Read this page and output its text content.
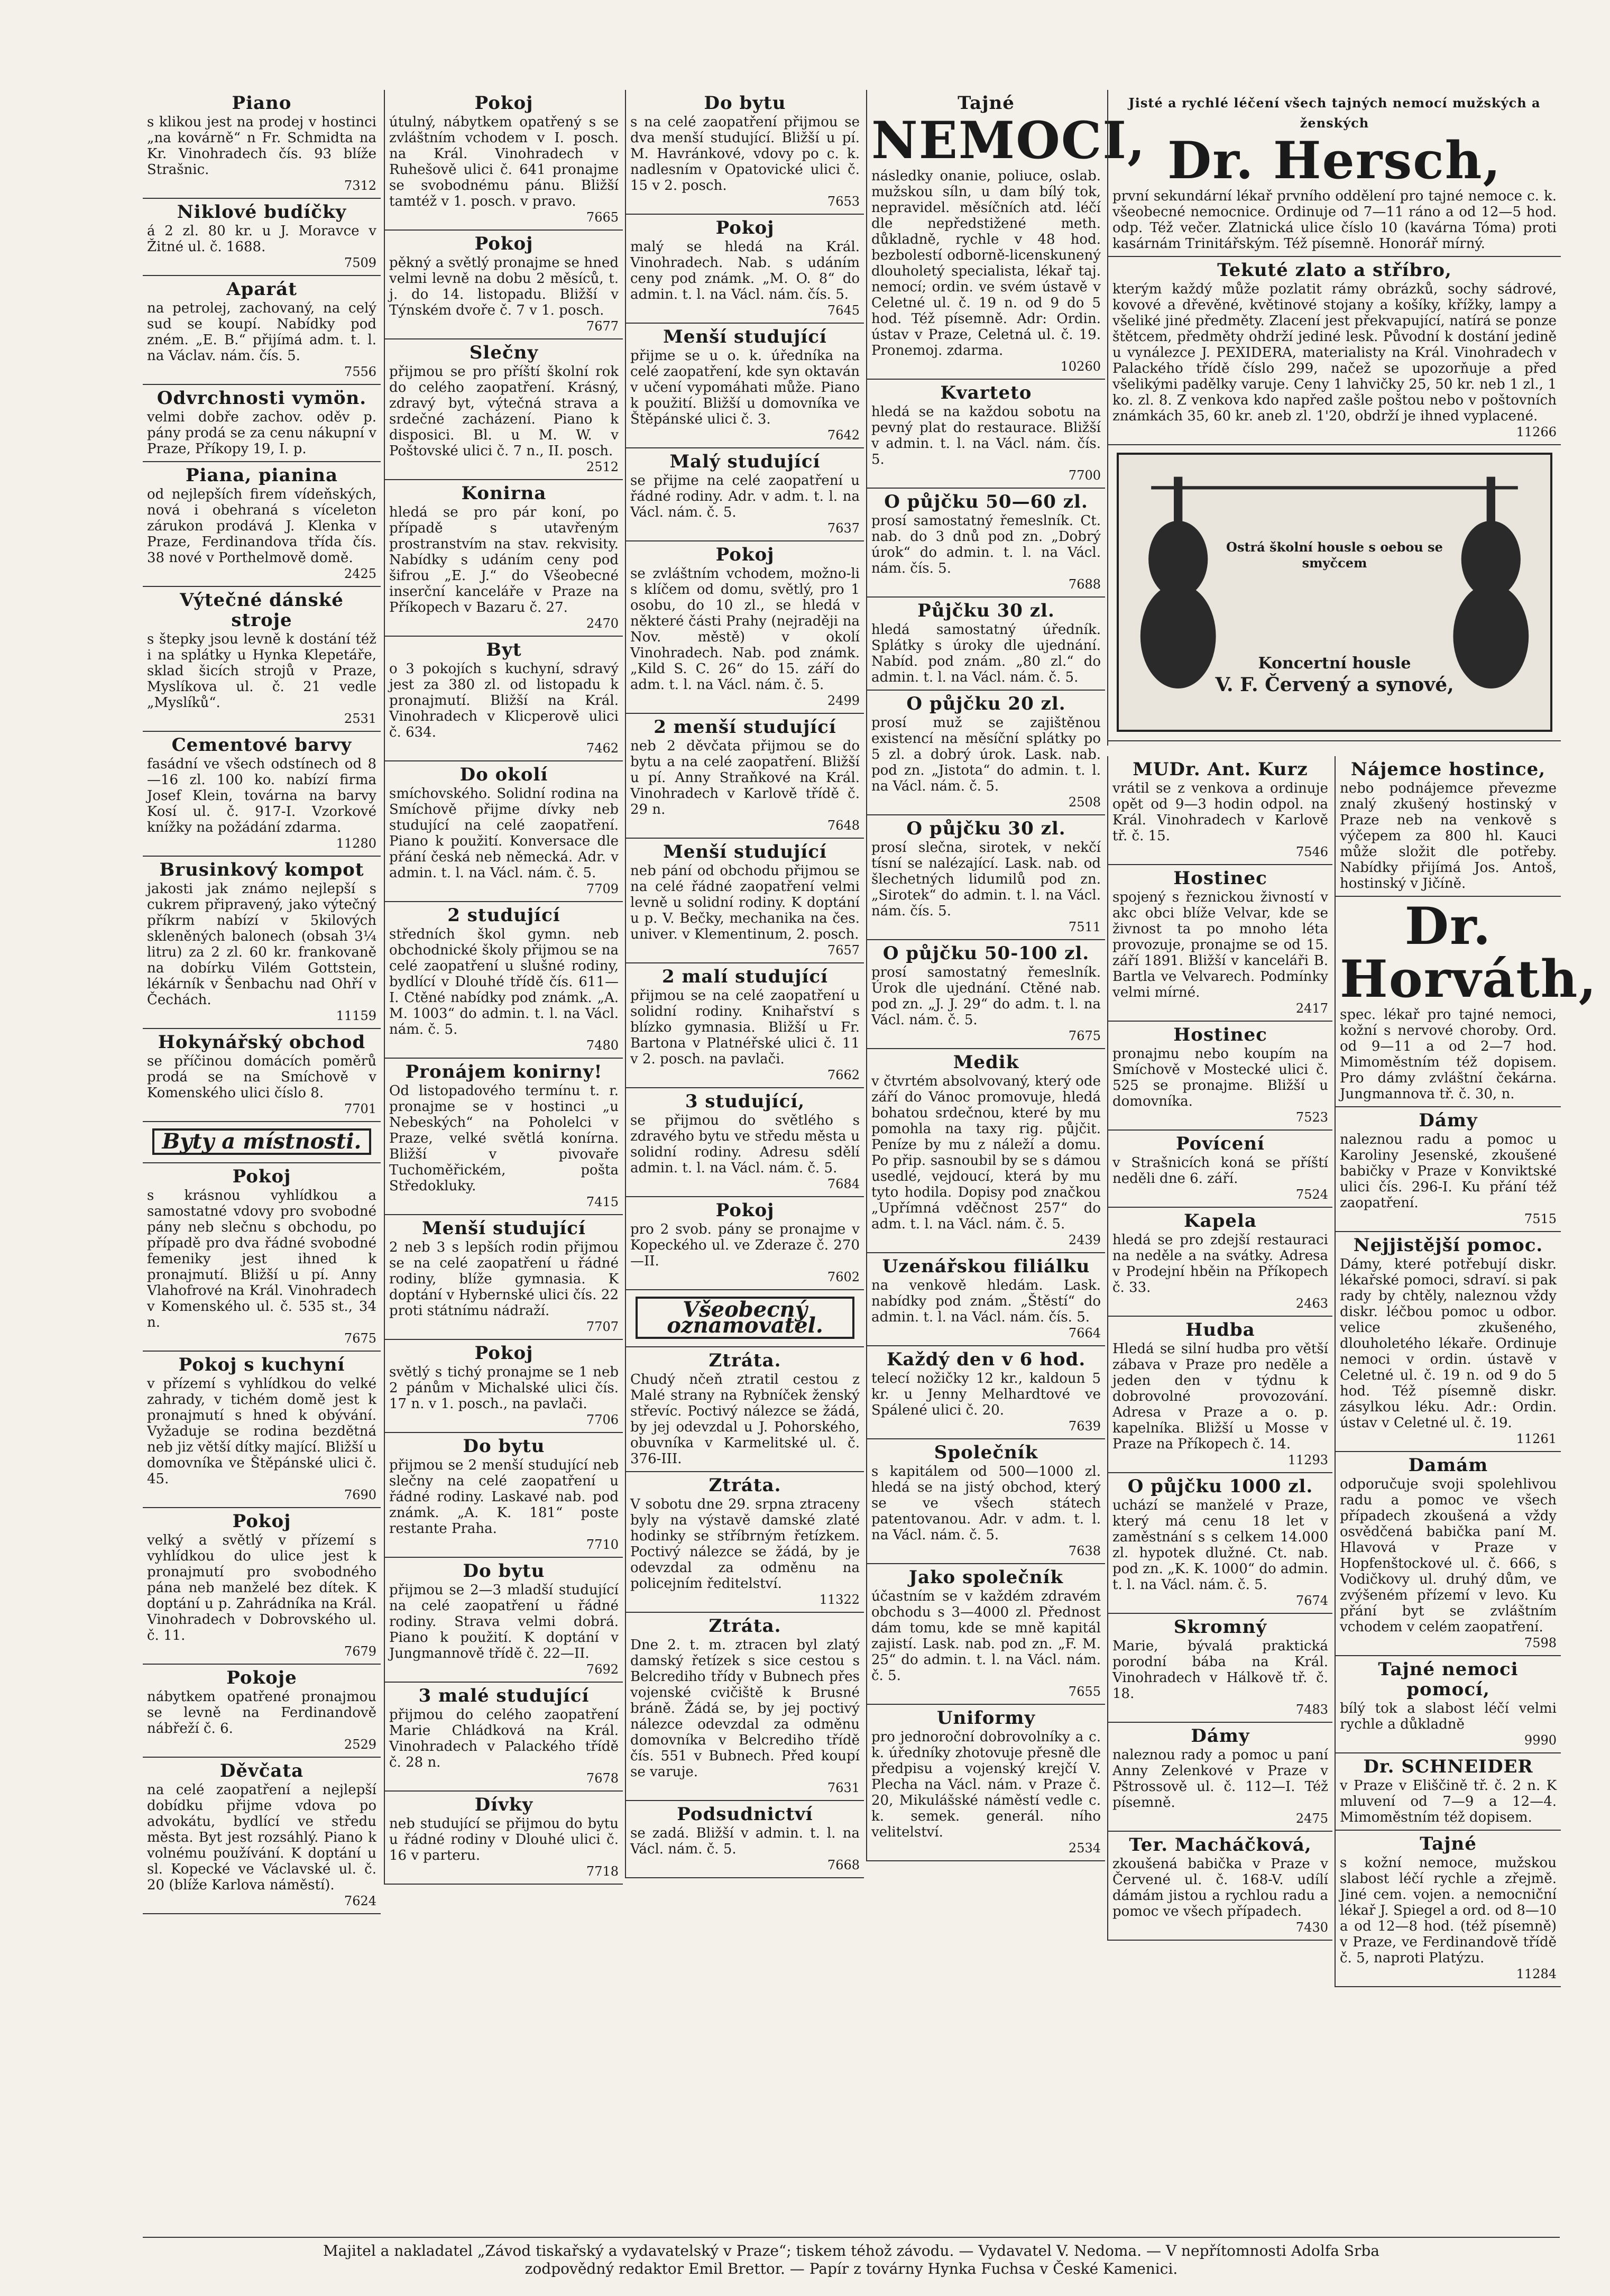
Piano
s klikou jest na prodej v hostinci „na kovárně“ n Fr. Schmidta na Kr. Vinohradech čís. 93 blíže Strašnic.
7312
Niklové budíčky
á 2 zl. 80 kr. u J. Moravce v Žitné ul. č. 1688.
7509
Aparát
na petrolej, zachovaný, na celý sud se koupí. Nabídky pod zném. „E. B.“ přijímá adm. t. l. na Václav. nám. čís. 5.
7556
Odvrchnosti vymön.
velmi dobře zachov. oděv p. pány prodá se za cenu nákupní v Praze, Příkopy 19, I. p.
Piana, pianina
od nejlepších firem vídeňských, nová i obehraná s víceleton zárukon prodává J. Klenka v Praze, Ferdinandova třída čís. 38 nové v Porthelmově domě.
2425
Výtečné dánské stroje
s štepky jsou levně k dostání též i na splátky u Hynka Klepetáře, sklad šicích strojů v Praze, Myslíkova ul. č. 21 vedle „Myslíků“.
2531
Cementové barvy
fasádní ve všech odstínech od 8—16 zl. 100 ko. nabízí firma Josef Klein, továrna na barvy Kosí ul. č. 917-I. Vzorkové knížky na požádání zdarma.
11280
Brusinkový kompot
jakosti jak známo nejlepší s cukrem připravený, jako výtečný příkrm nabízí v 5kilových skleněných balonech (obsah 3¼ litru) za 2 zl. 60 kr. frankovaně na dobírku Vilém Gottstein, lékárník v Šenbachu nad Ohří v Čechách.
11159
Hokynářský obchod
se příčinou domácích poměrů prodá se na Smíchově v Komenského ulici číslo 8.
7701
Byty a místnosti.
Pokoj
s krásnou vyhlídkou a samostatné vdovy pro svobodné pány neb slečnu s obchodu, po případě pro dva řádné svobodné femeniky jest ihned k pronajmutí. Bližší u pí. Anny Vlahofrové na Král. Vinohradech v Komenského ul. č. 535 st., 34 n.
7675
Pokoj s kuchyní
v přízemí s vyhlídkou do velké zahrady, v tichém domě jest k pronajmutí s hned k obývání. Vyžaduje se rodina bezdětná neb jiz větší dítky mající. Bližší u domovníka ve Štěpánské ulici č. 45.
7690
Pokoj
velký a světlý v přízemí s vyhlídkou do ulice jest k pronajmutí pro svobodného pána neb manželé bez dítek. K doptání u p. Zahrádníka na Král. Vinohradech v Dobrovského ul. č. 11.
7679
Pokoje
nábytkem opatřené pronajmou se levně na Ferdinandově nábřeží č. 6.
2529
Děvčata
na celé zaopatření a nejlepší dobídku přijme vdova po advokátu, bydlící ve středu města. Byt jest rozsáhlý. Piano k volnému používání. K doptání u sl. Kopecké ve Václavské ul. č. 20 (blíže Karlova náměstí).
7624
Pokoj
útulný, nábytkem opatřený s se zvláštním vchodem v I. posch. na Král. Vinohradech v Ruhešově ulici č. 641 pronajme se svobodnému pánu. Bližší tamtéž v 1. posch. v pravo.
7665
Pokoj
pěkný a světlý pronajme se hned velmi levně na dobu 2 měsíců, t. j. do 14. listopadu. Bližší v Týnském dvoře č. 7 v 1. posch.
7677
Slečny
přijmou se pro příští školní rok do celého zaopatření. Krásný, zdravý byt, výtečná strava a srdečné zacházení. Piano k disposici. Bl. u M. W. v Poštovské ulici č. 7 n., II. posch.
2512
Konirna
hledá se pro pár koní, po případě s utavřeným prostranstvím na stav. rekvisity. Nabídky s udáním ceny pod šifrou „E. J.“ do Všeobecné inserční kanceláře v Praze na Příkopech v Bazaru č. 27.
2470
Byt
o 3 pokojích s kuchyní, sdravý jest za 380 zl. od listopadu k pronajmutí. Bližší na Král. Vinohradech v Klicperově ulici č. 634.
7462
Do okolí
smíchovského. Solidní rodina na Smíchově přijme dívky neb studující na celé zaopatření. Piano k použití. Konversace dle přání česká neb německá. Adr. v admin. t. l. na Václ. nám. č. 5.
7709
2 studující
středních škol gymn. neb obchodnické školy přijmou se na celé zaopatření u slušné rodiny, bydlící v Dlouhé třídě čís. 611—I. Ctěné nabídky pod známk. „A. M. 1003“ do admin. t. l. na Václ. nám. č. 5.
7480
Pronájem konirny!
Od listopadového termínu t. r. pronajme se v hostinci „u Nebeských“ na Poholelci v Praze, velké světlá konírna. Bližší v pivovaře Tuchoměřickém, pošta Středokluky.
7415
Menší studující
2 neb 3 s lepších rodin přijmou se na celé zaopatření u řádné rodiny, blíže gymnasia. K doptání v Hybernské ulici čís. 22 proti státnímu nádraží.
7707
Pokoj
světlý s tichý pronajme se 1 neb 2 pánům v Michalské ulici čís. 17 n. v 1. posch., na pavlači.
7706
Do bytu
přijmou se 2 menší studující neb slečny na celé zaopatření u řádné rodiny. Laskavé nab. pod známk. „A. K. 181“ poste restante Praha.
7710
Do bytu
přijmou se 2—3 mladší studující na celé zaopatření u řádné rodiny. Strava velmi dobrá. Piano k použití. K doptání v Jungmannově třídě č. 22—II.
7692
3 malé studující
přijmou do celého zaopatření Marie Chládková na Král. Vinohradech v Palackého třídě č. 28 n.
7678
Dívky
neb studující se přijmou do bytu u řádné rodiny v Dlouhé ulici č. 16 v parteru.
7718
Do bytu
s na celé zaopatření přijmou se dva menší studující. Bližší u pí. M. Havránkové, vdovy po c. k. nadlesním v Opatovické ulici č. 15 v 2. posch.
7653
Pokoj
malý se hledá na Král. Vinohradech. Nab. s udáním ceny pod známk. „M. O. 8“ do admin. t. l. na Václ. nám. čís. 5.
7645
Menší studující
přijme se u o. k. úředníka na celé zaopatření, kde syn oktaván v učení vypomáhati může. Piano k použití. Bližší u domovníka ve Štěpánské ulici č. 3.
7642
Malý studující
se přijme na celé zaopatření u řádné rodiny. Adr. v adm. t. l. na Václ. nám. č. 5.
7637
Pokoj
se zvláštním vchodem, možno-li s klíčem od domu, světlý, pro 1 osobu, do 10 zl., se hledá v některé části Prahy (nejraději na Nov. městě) v okolí Vinohradech. Nab. pod známk. „Kild S. C. 26“ do 15. září do adm. t. l. na Václ. nám. č. 5.
2499
2 menší studující
neb 2 děvčata přijmou se do bytu a na celé zaopatření. Bližší u pí. Anny Straňkové na Král. Vinohradech v Karlově třídě č. 29 n.
7648
Menší studující
neb pání od obchodu přijmou se na celé řádné zaopatření velmi levně u solidní rodiny. K doptání u p. V. Bečky, mechanika na čes. univer. v Klementinum, 2. posch.
7657
2 malí studující
přijmou se na celé zaopatření u solidní rodiny. Knihařství s blízko gymnasia. Bližší u Fr. Bartona v Platnéřské ulici č. 11 v 2. posch. na pavlači.
7662
3 studující,
se přijmou do světlého s zdravého bytu ve středu města u solidní rodiny. Adresu sdělí admin. t. l. na Václ. nám. č. 5.
7684
Pokoj
pro 2 svob. pány se pronajme v Kopeckého ul. ve Zderaze č. 270—II.
7602
Všeobecný oznamovatel.
Ztráta.
Chudý nčeň ztratil cestou z Malé strany na Rybníček ženský střevíc. Poctivý nálezce se žádá, by jej odevzdal u J. Pohorského, obuvníka v Karmelitské ul. č. 376-III.
Ztráta.
V sobotu dne 29. srpna ztraceny byly na výstavě damské zlaté hodinky se stříbrným řetízkem. Poctivý nálezce se žádá, by je odevzdal za odměnu na policejním ředitelství.
11322
Ztráta.
Dne 2. t. m. ztracen byl zlatý damský řetízek s sice cestou s Belcrediho třídy v Bubnech přes vojenské cvičiště k Brusné bráně. Žádá se, by jej poctivý nálezce odevzdal za odměnu domovníka v Belcrediho třídě čís. 551 v Bubnech. Před koupí se varuje.
7631
Podsudnictví
se zadá. Bližší v admin. t. l. na Václ. nám. č. 5.
7668
Tajné
NEMOCI,
následky onanie, poliuce, oslab. mužskou síln, u dam bílý tok, nepravidel. měsíčních atd. léčí dle nepředstižené meth. důkladně, rychle v 48 hod. bezbolestí odborně-licenskunený dlouholetý specialista, lékař taj. nemocí; ordin. ve svém ústavě v Celetné ul. č. 19 n. od 9 do 5 hod. Též písemně. Adr: Ordin. ústav v Praze, Celetná ul. č. 19. Pronemoj. zdarma.
10260
Kvarteto
hledá se na každou sobotu na pevný plat do restaurace. Bližší v admin. t. l. na Václ. nám. čís. 5.
7700
O půjčku 50—60 zl.
prosí samostatný řemeslník. Ct. nab. do 3 dnů pod zn. „Dobrý úrok“ do admin. t. l. na Václ. nám. čís. 5.
7688
Půjčku 30 zl.
hledá samostatný úředník. Splátky s úroky dle ujednání. Nabíd. pod znám. „80 zl.“ do admin. t. l. na Václ. nám. č. 5.
O půjčku 20 zl.
prosí muž se zajištěnou existencí na měsíční splátky po 5 zl. a dobrý úrok. Lask. nab. pod zn. „Jistota“ do admin. t. l. na Václ. nám. č. 5.
2508
O půjčku 30 zl.
prosí slečna, sirotek, v nekčí tísní se nalézající. Lask. nab. od šlechetných lidumilů pod zn. „Sirotek“ do admin. t. l. na Václ. nám. čís. 5.
7511
O půjčku 50-100 zl.
prosí samostatný řemeslník. Úrok dle ujednání. Ctěné nab. pod zn. „J. J. 29“ do adm. t. l. na Václ. nám. č. 5.
7675
Medik
v čtvrtém absolvovaný, který ode září do Vánoc promovuje, hledá bohatou srdečnou, které by mu pomohla na taxy rig. půjčit. Peníze by mu z náleží a domu. Po přip. sasnoubil by se s dámou usedlé, vejdoucí, která by mu tyto hodila. Dopisy pod značkou „Upřímná vděčnost 257“ do adm. t. l. na Václ. nám. č. 5.
2439
Uzenářskou filiálku
na venkově hledám. Lask. nabídky pod znám. „Štěstí“ do admin. t. l. na Václ. nám. čís. 5.
7664
Každý den v 6 hod.
telecí nožičky 12 kr., kaldoun 5 kr. u Jenny Melhardtové ve Spálené ulici č. 20.
7639
Společník
s kapitálem od 500—1000 zl. hledá se na jistý obchod, který se ve všech státech patentovanou. Adr. v adm. t. l. na Václ. nám. č. 5.
7638
Jako společník
účastním se v každém zdravém obchodu s 3—4000 zl. Přednost dám tomu, kde se mně kapitál zajistí. Lask. nab. pod zn. „F. M. 25“ do admin. t. l. na Václ. nám. č. 5.
7655
Uniformy
pro jednoroční dobrovolníky a c. k. úředníky zhotovuje přesně dle předpisu a vojenský krejčí V. Plecha na Václ. nám. v Praze č. 20, Mikulášské náměstí vedle c. k. semek. generál. ního velitelství.
2534
Jisté a rychlé léčení všech tajných nemocí mužských a ženských
Dr. Hersch,
první sekundární lékař prvního oddělení pro tajné nemoce c. k. všeobecné nemocnice. Ordinuje od 7—11 ráno a od 12—5 hod. odp. Též večer. Zlatnická ulice číslo 10 (kavárna Tóma) proti kasárnám Trinitářským. Též písemně. Honorář mírný.
Tekuté zlato a stříbro,
kterým každý může pozlatit rámy obrázků, sochy sádrové, kovové a dřevěné, květinové stojany a košíky, křížky, lampy a všeliké jiné předměty. Zlacení jest překvapující, natírá se ponze štětcem, předměty ohdrží jediné lesk. Původní k dostání jedině u vynálezce J. PEXIDERA, materialisty na Král. Vinohradech v Palackého třídě číslo 299, načež se upozorňuje a před všelikými padělky varuje. Ceny 1 lahvičky 25, 50 kr. neb 1 zl., 1 ko. zl. 8. Z venkova kdo napřed zašle poštou nebo v poštovních známkách 35, 60 kr. aneb zl. 1'20, obdrží je ihned vyplacené.
11266
Ostrá školní housle s oebou se smyčcem
Koncertní housle
V. F. Červený a synové,
MUDr. Ant. Kurz
vrátil se z venkova a ordinuje opět od 9—3 hodin odpol. na Král. Vinohradech v Karlově tř. č. 15.
7546
Hostinec
spojený s řeznickou živností v akc obci blíže Velvar, kde se živnost ta po mnoho léta provozuje, pronajme se od 15. září 1891. Bližší v kanceláři B. Bartla ve Velvarech. Podmínky velmi mírné.
2417
Hostinec
pronajmu nebo koupím na Smíchově v Mostecké ulici č. 525 se pronajme. Bližší u domovníka.
7523
Povícení
v Strašnicích koná se příští neděli dne 6. září.
7524
Kapela
hledá se pro zdejší restauraci na neděle a na svátky. Adresa v Prodejní hběin na Příkopech č. 33.
2463
Hudba
Hledá se silní hudba pro větší zábava v Praze pro neděle a jeden den v týdnu k dobrovolné provozování. Adresa v Praze a o. p. kapelníka. Bližší u Mosse v Praze na Příkopech č. 14.
11293
O půjčku 1000 zl.
uchází se manželé v Praze, který má cenu 18 let v zaměstnání s s celkem 14.000 zl. hypotek dlužné. Ct. nab. pod zn. „K. K. 1000“ do admin. t. l. na Václ. nám. č. 5.
7674
Skromný
Marie, bývalá praktická porodní bába na Král. Vinohradech v Hálkově tř. č. 18.
7483
Dámy
naleznou rady a pomoc u paní Anny Zelenkové v Praze v Pštrossově ul. č. 112—I. Též písemně.
2475
Ter. Macháčková,
zkoušená babička v Praze v Červené ul. č. 168-V. udílí dámám jistou a rychlou radu a pomoc ve všech případech.
7430
Nájemce hostince,
nebo podnájemce převezme znalý zkušený hostinský v Praze neb na venkově s výčepem za 800 hl. Kauci může složit dle potřeby. Nabídky přijímá Jos. Antoš, hostinský v Jičíně.
Dr. Horváth,
spec. lékař pro tajné nemoci, kožní s nervové choroby. Ord. od 9—11 a od 2—7 hod. Mimoměstním též dopisem. Pro dámy zvláštní čekárna. Jungmannova tř. č. 30, n.
Dámy
naleznou radu a pomoc u Karoliny Jesenské, zkoušené babičky v Praze v Konviktské ulici čís. 296-I. Ku přání též zaopatření.
7515
Nejjistější pomoc.
Dámy, které potřebují diskr. lékařské pomoci, sdraví. si pak rady by chtěly, naleznou vždy diskr. léčbou pomoc u odbor. velice zkušeného, dlouholetého lékaře. Ordinuje nemoci v ordin. ústavě v Celetné ul. č. 19 n. od 9 do 5 hod. Též písemně diskr. zásylkou léku. Adr.: Ordin. ústav v Celetné ul. č. 19.
11261
Damám
odporučuje svoji spolehlivou radu a pomoc ve všech případech zkoušená a vždy osvědčená babička paní M. Hlavová v Praze v Hopfenštockové ul. č. 666, s Vodičkovy ul. druhý dům, ve zvýšeném přízemí v levo. Ku přání byt se zvláštním vchodem v celém zaopatření.
7598
Tajné nemoci pomocí,
bílý tok a slabost léčí velmi rychle a důkladně
9990
Dr. SCHNEIDER
v Praze v Eliščině tř. č. 2 n. K mluvení od 7—9 a 12—4. Mimoměstním též dopisem.
Tajné
s kožní nemoce, mužskou slabost léčí rychle a zřejmě. Jiné cem. vojen. a nemocniční lékař J. Spiegel a ord. od 8—10 a od 12—8 hod. (též písemně) v Praze, ve Ferdinandově třídě č. 5, naproti Platýzu.
11284
Majitel a nakladatel „Závod tiskařský a vydavatelský v Praze“; tiskem téhož závodu. — Vydavatel V. Nedoma. — V nepřítomnosti Adolfa Srba
zodpovědný redaktor Emil Brettor. — Papír z továrny Hynka Fuchsa v České Kamenici.
